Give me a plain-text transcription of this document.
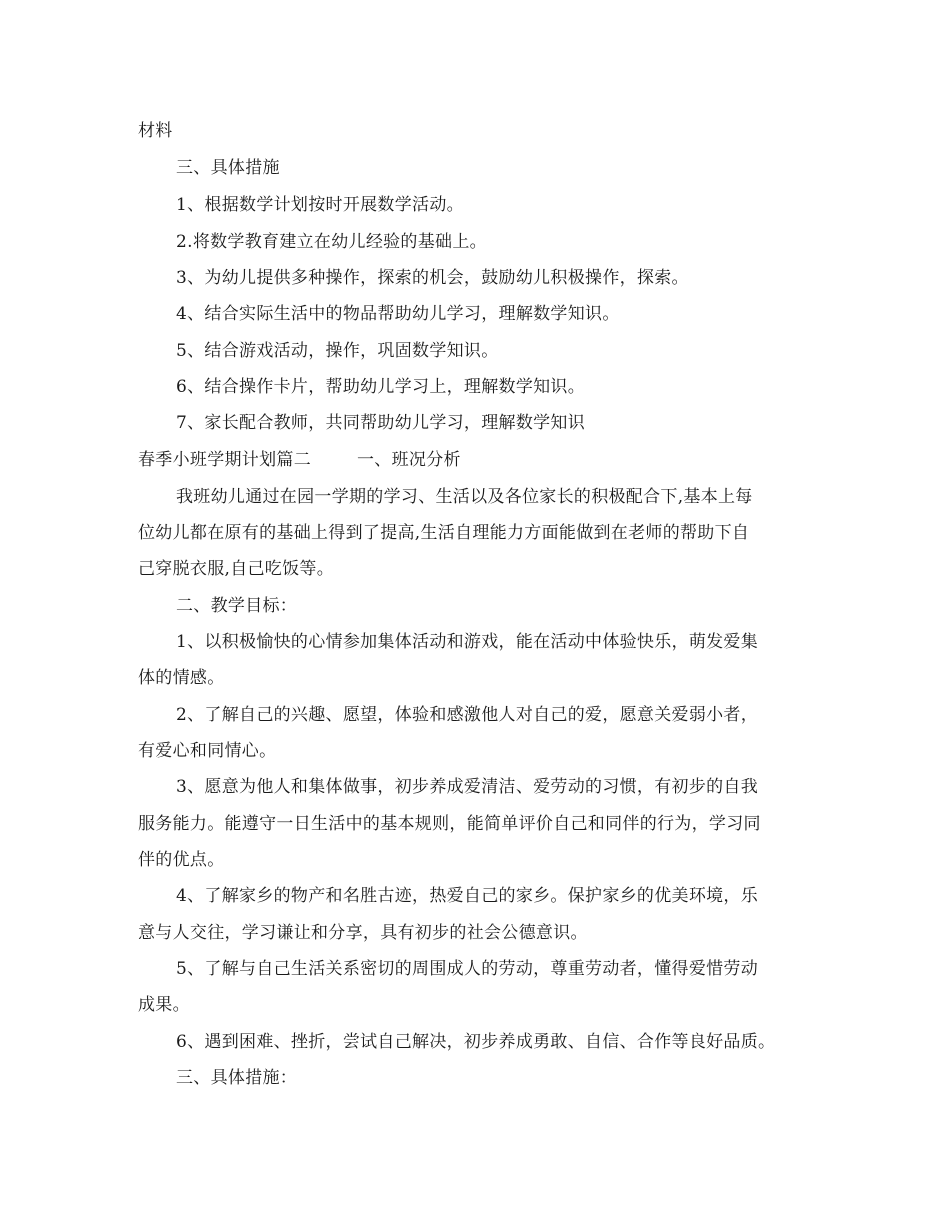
材料
三、具体措施
1、根据数学计划按时开展数学活动。
2.将数学教育建立在幼儿经验的基础上。
3、为幼儿提供多种操作，探索的机会，鼓励幼儿积极操作，探索。
4、结合实际生活中的物品帮助幼儿学习，理解数学知识。
5、结合游戏活动，操作，巩固数学知识。
6、结合操作卡片，帮助幼儿学习上，理解数学知识。
7、家长配合教师，共同帮助幼儿学习，理解数学知识
春季小班学期计划篇二	一、班况分析
我班幼儿通过在园一学期的学习、生活以及各位家长的积极配合下,基本上每
位幼儿都在原有的基础上得到了提高,生活自理能力方面能做到在老师的帮助下自
己穿脱衣服,自己吃饭等。
二、教学目标：
1、以积极愉快的心情参加集体活动和游戏，能在活动中体验快乐，萌发爱集
体的情感。
2、了解自己的兴趣、愿望，体验和感激他人对自己的爱，愿意关爱弱小者，
有爱心和同情心。
3、愿意为他人和集体做事，初步养成爱清洁、爱劳动的习惯，有初步的自我
服务能力。能遵守一日生活中的基本规则，能简单评价自己和同伴的行为，学习同
伴的优点。
4、了解家乡的物产和名胜古迹，热爱自己的家乡。保护家乡的优美环境，乐
意与人交往，学习谦让和分享，具有初步的社会公德意识。
5、了解与自己生活关系密切的周围成人的劳动，尊重劳动者，懂得爱惜劳动
成果。
6、遇到困难、挫折，尝试自己解决，初步养成勇敢、自信、合作等良好品质。
三、具体措施：
